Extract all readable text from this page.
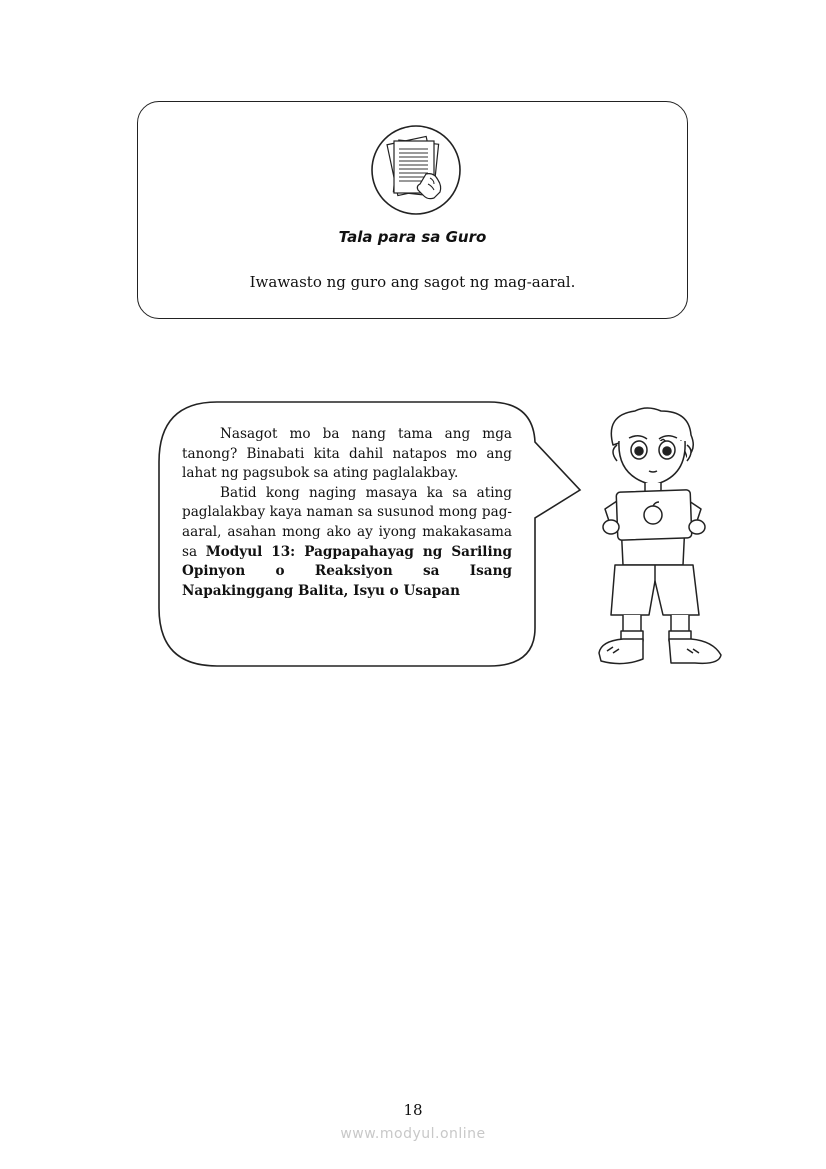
Tala para sa Guro
Iwawasto ng guro ang sagot ng mag-aaral.

Nasagot mo ba nang tama ang mga tanong? Binabati kita dahil natapos mo ang lahat ng pagsubok sa ating paglalakbay.

Batid kong naging masaya ka sa ating paglalakbay kaya naman sa susunod mong pag-aaral, asahan mong ako ay iyong makakasama sa Modyul 13: Pagpapahayag ng Sariling Opinyon o Reaksiyon sa Isang Napakinggang Balita, Isyu o Usapan

18
www.modyul.online
